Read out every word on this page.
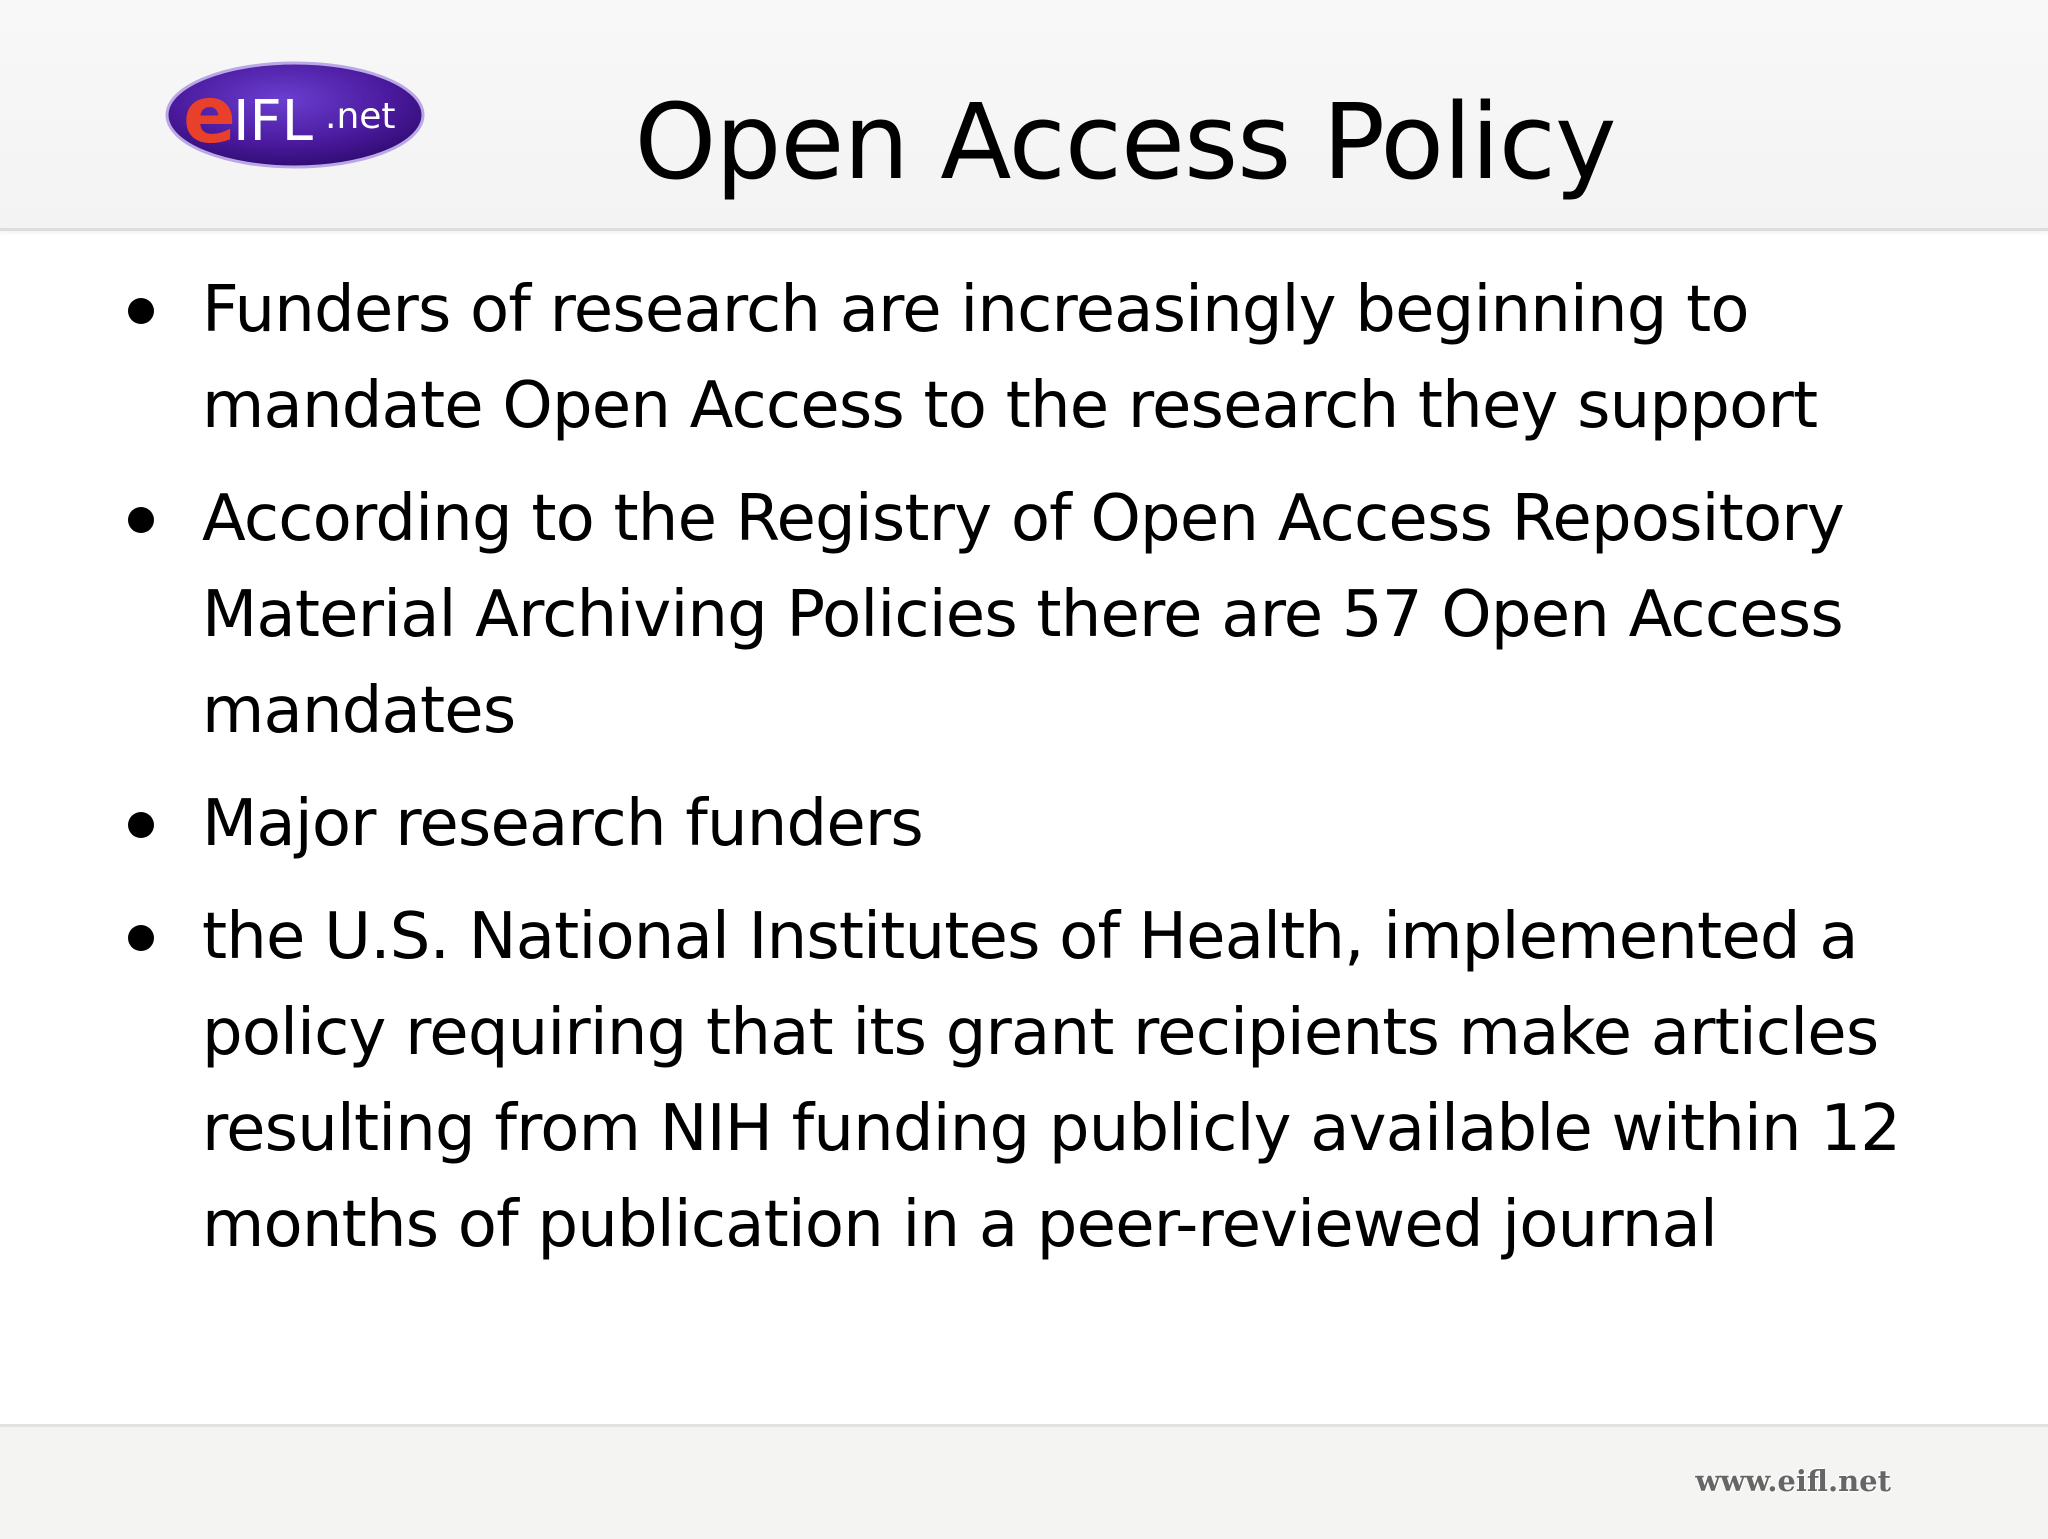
e
IFL .net	Open Access Policy
Funders of research are increasingly beginning to mandate Open Access to the research they support
According to the Registry of Open Access Repository Material Archiving Policies there are 57 Open Access mandates
Major research funders
the U.S. National Institutes of Health, implemented a policy requiring that its grant recipients make articles resulting from NIH funding publicly available within 12 months of publication in a peer-reviewed journal
www.eifl.net
